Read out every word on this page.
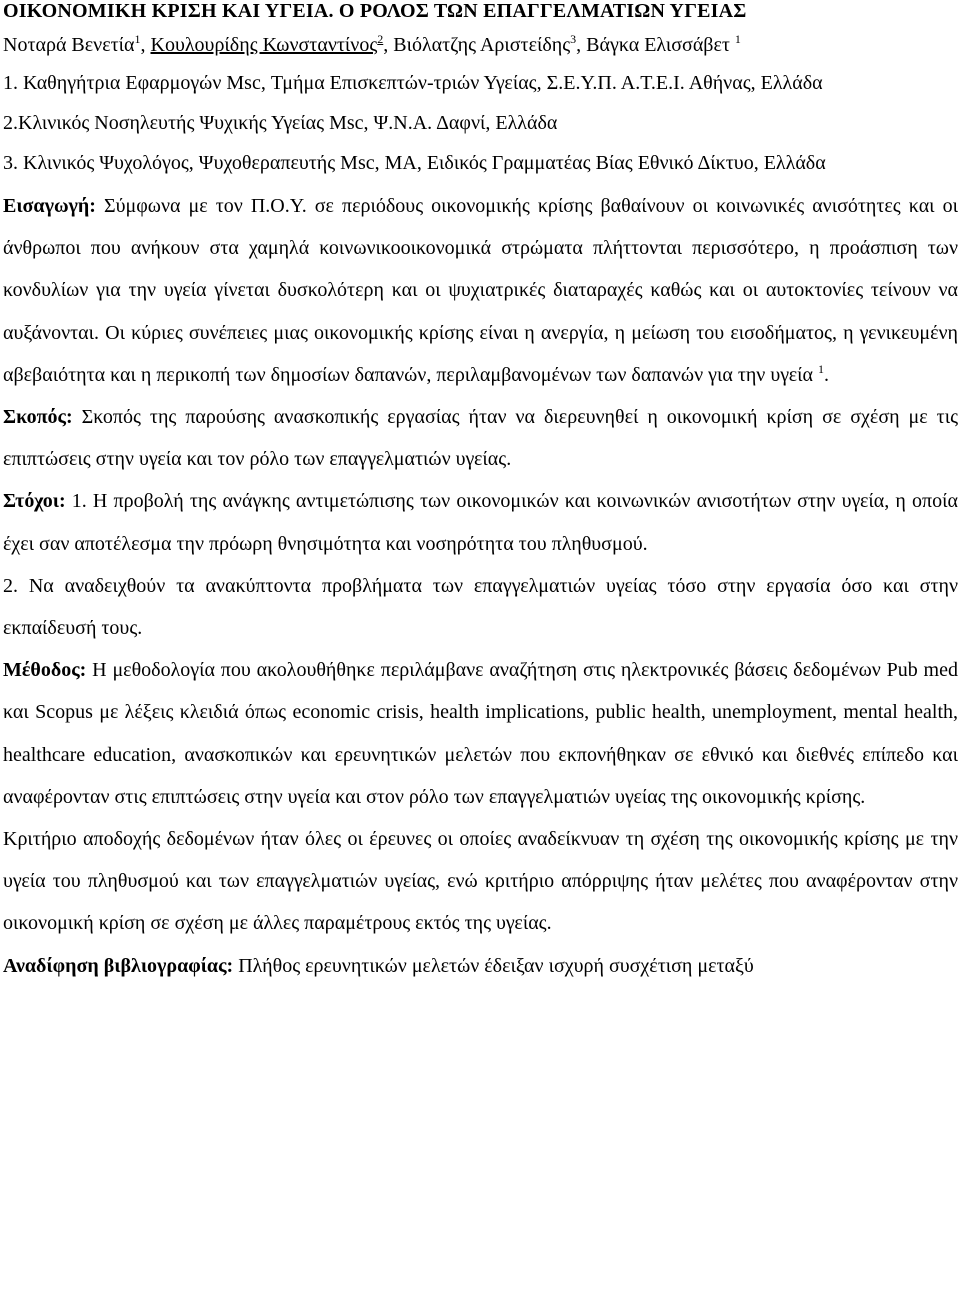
ΟΙΚΟΝΟΜΙΚΗ ΚΡΙΣΗ ΚΑΙ ΥΓΕΙΑ. Ο ΡΟΛΟΣ ΤΩΝ ΕΠΑΓΓΕΛΜΑΤΙΩΝ ΥΓΕΙΑΣ
Νοταρά Βενετία$^1$, Κουλουρίδης Κωνσταντίνος$^2$, Βιόλατζης Αριστείδης$^3$, Βάγκα Ελισσάβετ $^1$

1. Καθηγήτρια Εφαρμογών Msc, Τμήμα Επισκεπτών-τριών Υγείας, Σ.Ε.Υ.Π. Α.Τ.Ε.Ι. Αθήνας, Ελλάδα

2.Κλινικός Νοσηλευτής Ψυχικής Υγείας Msc, Ψ.Ν.Α. Δαφνί, Ελλάδα

3. Κλινικός Ψυχολόγος, Ψυχοθεραπευτής Msc, MA, Ειδικός Γραμματέας Βίας Εθνικό Δίκτυο, Ελλάδα

Εισαγωγή: Σύμφωνα με τον Π.Ο.Υ. σε περιόδους οικονομικής κρίσης βαθαίνουν οι κοινωνικές ανισότητες και οι άνθρωποι που ανήκουν στα χαμηλά κοινωνικοοικονομικά στρώματα πλήττονται περισσότερο, η προάσπιση των κονδυλίων για την υγεία γίνεται δυσκολότερη και οι ψυχιατρικές διαταραχές καθώς και οι αυτοκτονίες τείνουν να αυξάνονται. Οι κύριες συνέπειες μιας οικονομικής κρίσης είναι η ανεργία, η μείωση του εισοδήματος, η γενικευμένη αβεβαιότητα και η περικοπή των δημοσίων δαπανών, περιλαμβανομένων των δαπανών για την υγεία $^1$.

Σκοπός: Σκοπός της παρούσης ανασκοπικής εργασίας ήταν να διερευνηθεί η οικονομική κρίση σε σχέση με τις επιπτώσεις στην υγεία και τον ρόλο των επαγγελματιών υγείας.

Στόχοι: 1. Η προβολή της ανάγκης αντιμετώπισης των οικονομικών και κοινωνικών ανισοτήτων στην υγεία, η οποία έχει σαν αποτέλεσμα την πρόωρη θνησιμότητα και νοσηρότητα του πληθυσμού.

2. Να αναδειχθούν τα ανακύπτοντα προβλήματα των επαγγελματιών υγείας τόσο στην εργασία όσο και στην εκπαίδευσή τους.

Μέθοδος: Η μεθοδολογία που ακολουθήθηκε περιλάμβανε αναζήτηση στις ηλεκτρονικές βάσεις δεδομένων Pub med και Scopus με λέξεις κλειδιά όπως economic crisis, health implications, public health, unemployment, mental health, healthcare education, ανασκοπικών και ερευνητικών μελετών που εκπονήθηκαν σε εθνικό και διεθνές επίπεδο και αναφέρονταν στις επιπτώσεις στην υγεία και στον ρόλο των επαγγελματιών υγείας της οικονομικής κρίσης.

Κριτήριο αποδοχής δεδομένων ήταν όλες οι έρευνες οι οποίες αναδείκνυαν τη σχέση της οικονομικής κρίσης με την υγεία του πληθυσμού και των επαγγελματιών υγείας, ενώ κριτήριο απόρριψης ήταν μελέτες που αναφέρονταν στην οικονομική κρίση σε σχέση με άλλες παραμέτρους εκτός της υγείας.

Αναδίφηση βιβλιογραφίας: Πλήθος ερευνητικών μελετών έδειξαν ισχυρή συσχέτιση μεταξύ
